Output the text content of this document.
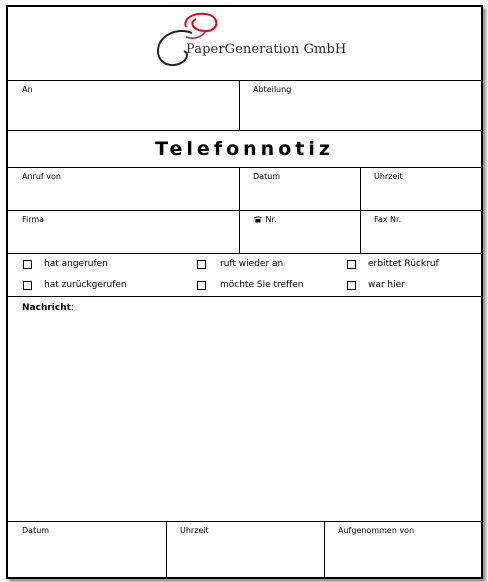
PaperGeneration GmbH
An	Abteilung
Telefonnotiz
Anruf von	Datum	Uhrzeit
Firma	Nr.	Fax Nr.
hat angerufen	ruft wieder an	erbittet Rückruf
hat zurückgerufen	möchte Sie treffen	war hier
Nachricht:
Datum	Uhrzeit	Aufgenommen von
